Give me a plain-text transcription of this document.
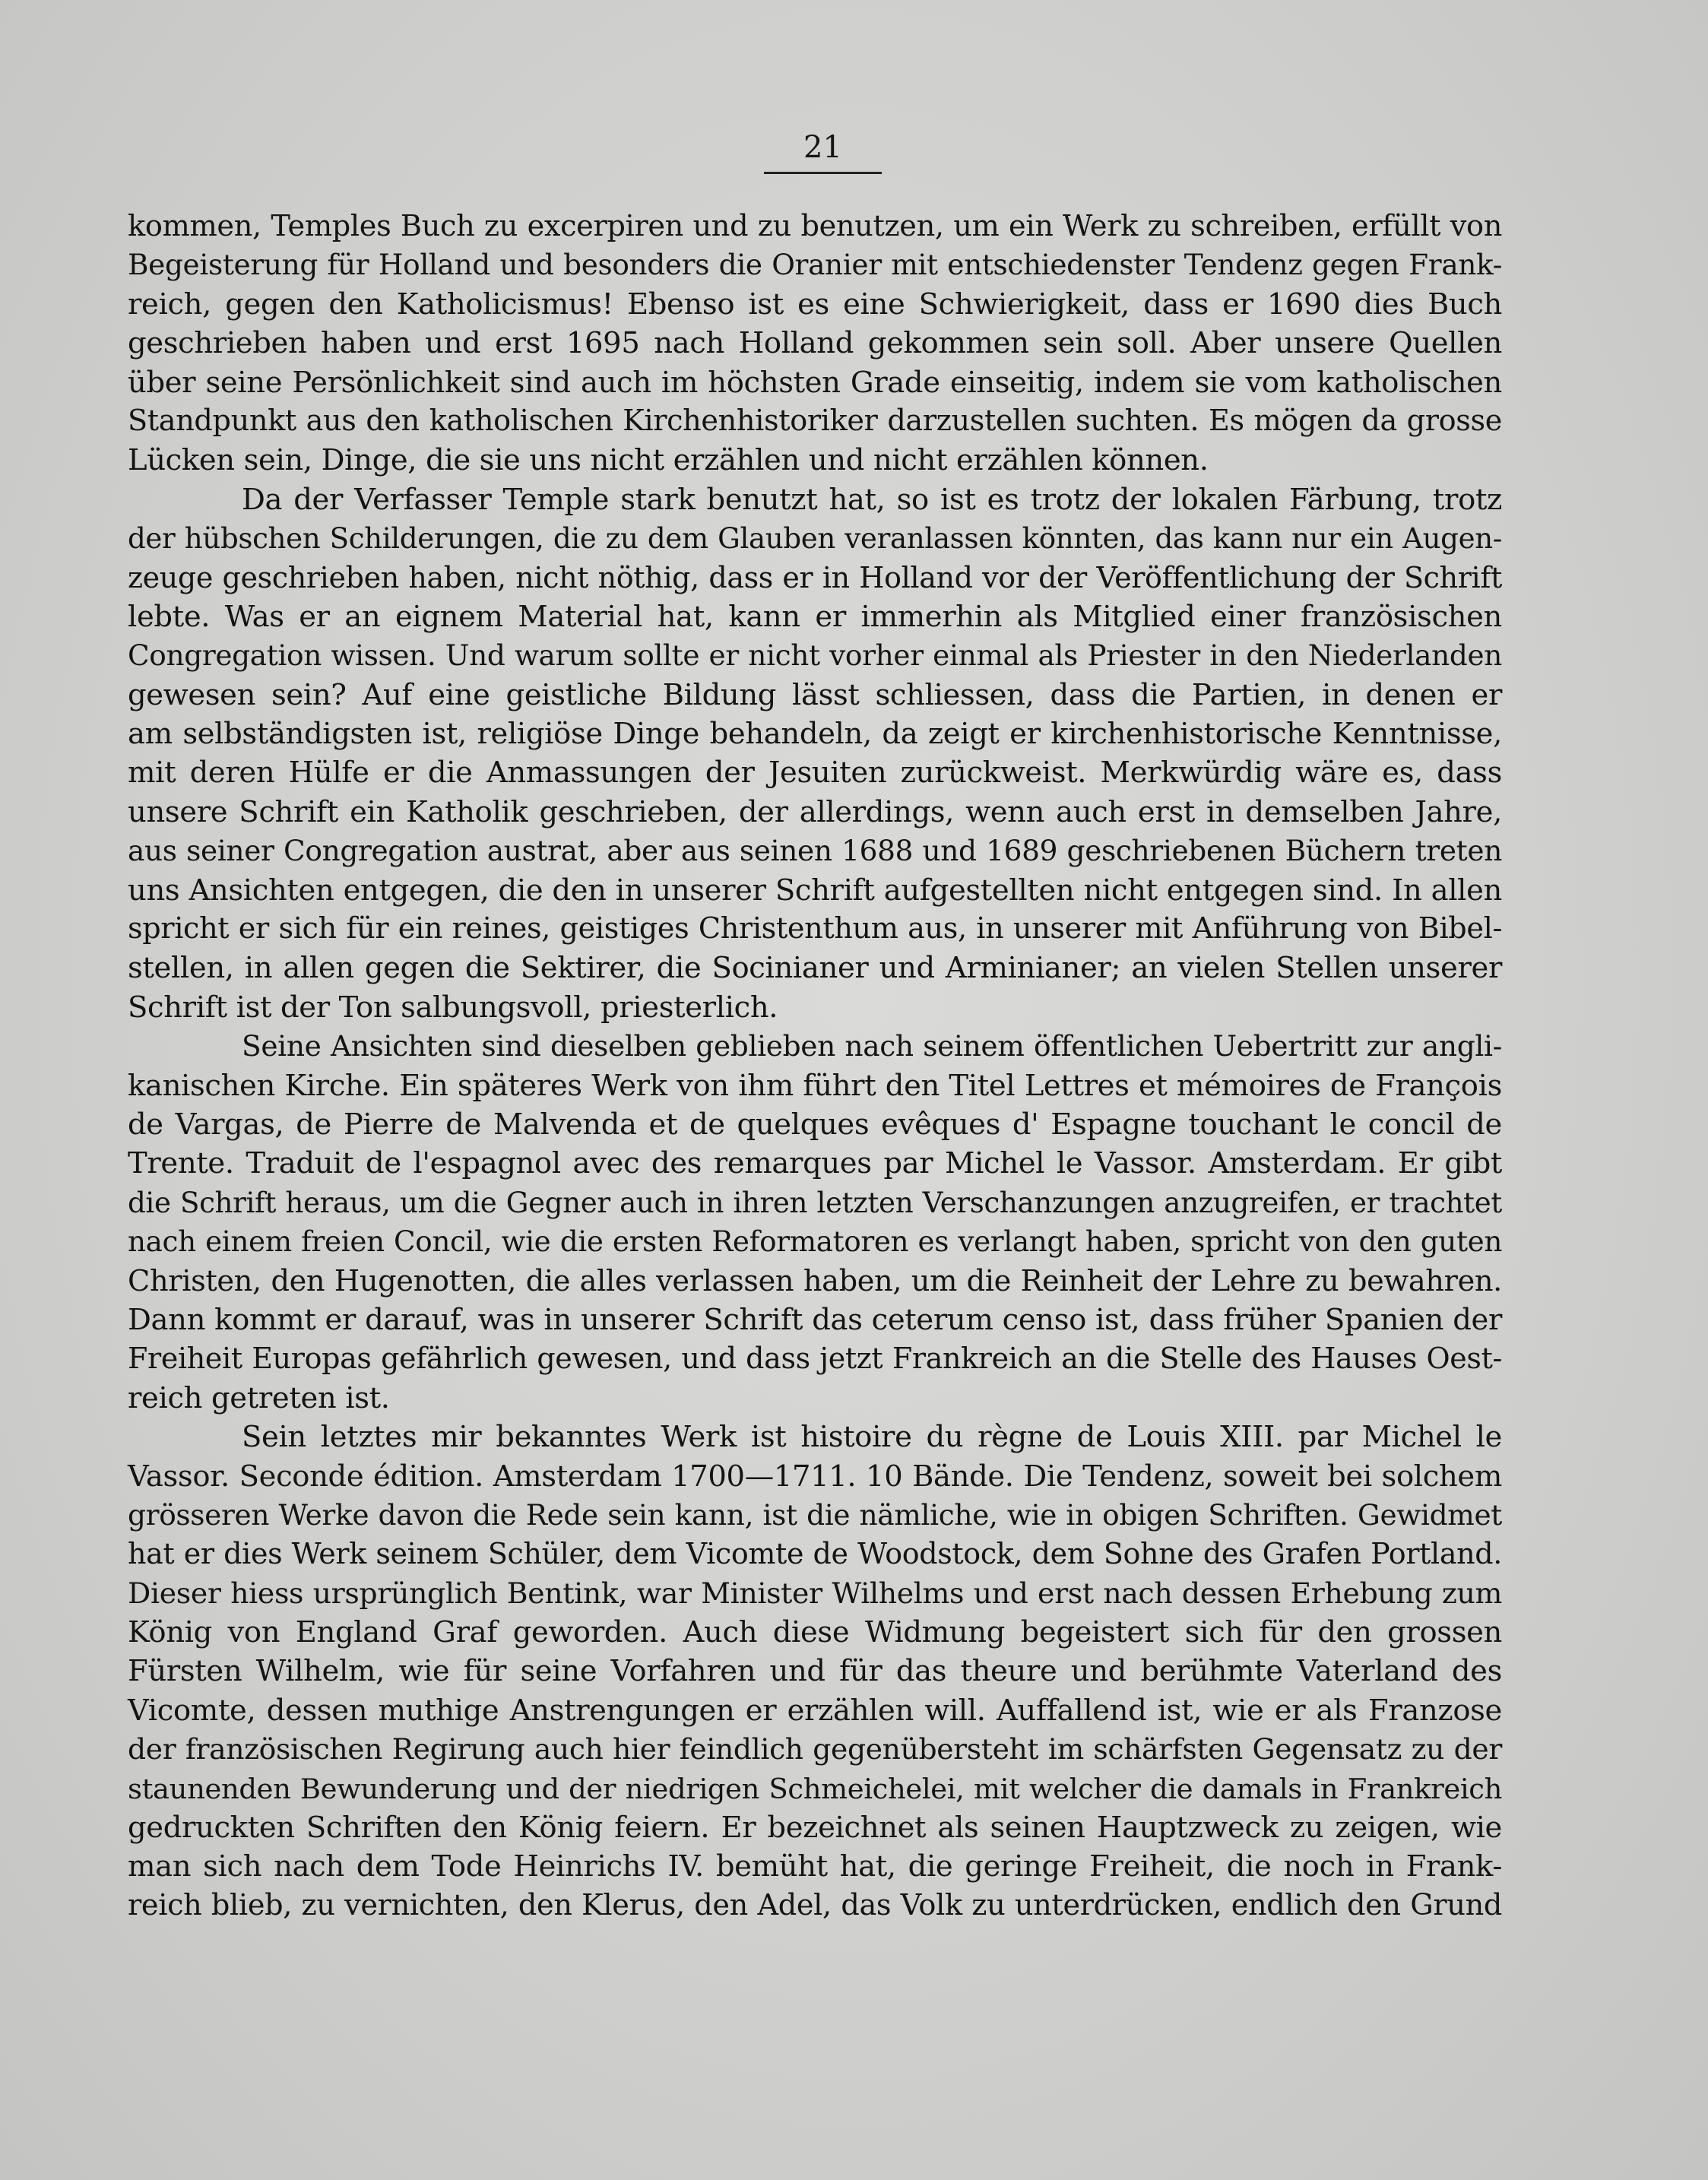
21
kommen, Temples Buch zu excerpiren und zu benutzen, um ein Werk zu schreiben, erfüllt von
Begeisterung für Holland und besonders die Oranier mit entschiedenster Tendenz gegen Frank-
reich, gegen den Katholicismus! Ebenso ist es eine Schwierigkeit, dass er 1690 dies Buch
geschrieben haben und erst 1695 nach Holland gekommen sein soll. Aber unsere Quellen
über seine Persönlichkeit sind auch im höchsten Grade einseitig, indem sie vom katholischen
Standpunkt aus den katholischen Kirchenhistoriker darzustellen suchten. Es mögen da grosse
Lücken sein, Dinge, die sie uns nicht erzählen und nicht erzählen können.
Da der Verfasser Temple stark benutzt hat, so ist es trotz der lokalen Färbung, trotz
der hübschen Schilderungen, die zu dem Glauben veranlassen könnten, das kann nur ein Augen-
zeuge geschrieben haben, nicht nöthig, dass er in Holland vor der Veröffentlichung der Schrift
lebte. Was er an eignem Material hat, kann er immerhin als Mitglied einer französischen
Congregation wissen. Und warum sollte er nicht vorher einmal als Priester in den Niederlanden
gewesen sein? Auf eine geistliche Bildung lässt schliessen, dass die Partien, in denen er
am selbständigsten ist, religiöse Dinge behandeln, da zeigt er kirchenhistorische Kenntnisse,
mit deren Hülfe er die Anmassungen der Jesuiten zurückweist. Merkwürdig wäre es, dass
unsere Schrift ein Katholik geschrieben, der allerdings, wenn auch erst in demselben Jahre,
aus seiner Congregation austrat, aber aus seinen 1688 und 1689 geschriebenen Büchern treten
uns Ansichten entgegen, die den in unserer Schrift aufgestellten nicht entgegen sind. In allen
spricht er sich für ein reines, geistiges Christenthum aus, in unserer mit Anführung von Bibel-
stellen, in allen gegen die Sektirer, die Socinianer und Arminianer; an vielen Stellen unserer
Schrift ist der Ton salbungsvoll, priesterlich.
Seine Ansichten sind dieselben geblieben nach seinem öffentlichen Uebertritt zur angli-
kanischen Kirche. Ein späteres Werk von ihm führt den Titel Lettres et mémoires de François
de Vargas, de Pierre de Malvenda et de quelques evêques d' Espagne touchant le concil de
Trente. Traduit de l'espagnol avec des remarques par Michel le Vassor. Amsterdam. Er gibt
die Schrift heraus, um die Gegner auch in ihren letzten Verschanzungen anzugreifen, er trachtet
nach einem freien Concil, wie die ersten Reformatoren es verlangt haben, spricht von den guten
Christen, den Hugenotten, die alles verlassen haben, um die Reinheit der Lehre zu bewahren.
Dann kommt er darauf, was in unserer Schrift das ceterum censo ist, dass früher Spanien der
Freiheit Europas gefährlich gewesen, und dass jetzt Frankreich an die Stelle des Hauses Oest-
reich getreten ist.
Sein letztes mir bekanntes Werk ist histoire du règne de Louis XIII. par Michel le
Vassor. Seconde édition. Amsterdam 1700—1711. 10 Bände. Die Tendenz, soweit bei solchem
grösseren Werke davon die Rede sein kann, ist die nämliche, wie in obigen Schriften. Gewidmet
hat er dies Werk seinem Schüler, dem Vicomte de Woodstock, dem Sohne des Grafen Portland.
Dieser hiess ursprünglich Bentink, war Minister Wilhelms und erst nach dessen Erhebung zum
König von England Graf geworden. Auch diese Widmung begeistert sich für den grossen
Fürsten Wilhelm, wie für seine Vorfahren und für das theure und berühmte Vaterland des
Vicomte, dessen muthige Anstrengungen er erzählen will. Auffallend ist, wie er als Franzose
der französischen Regirung auch hier feindlich gegenübersteht im schärfsten Gegensatz zu der
staunenden Bewunderung und der niedrigen Schmeichelei, mit welcher die damals in Frankreich
gedruckten Schriften den König feiern. Er bezeichnet als seinen Hauptzweck zu zeigen, wie
man sich nach dem Tode Heinrichs IV. bemüht hat, die geringe Freiheit, die noch in Frank-
reich blieb, zu vernichten, den Klerus, den Adel, das Volk zu unterdrücken, endlich den Grund
